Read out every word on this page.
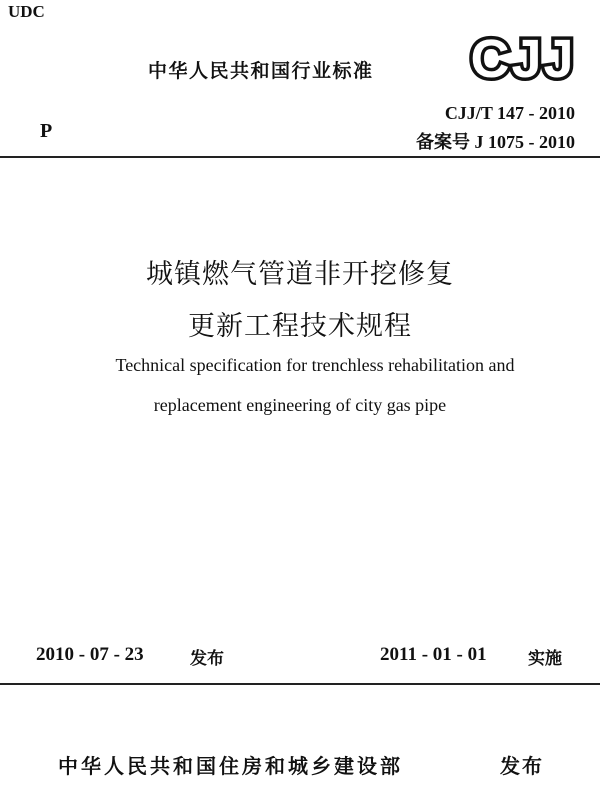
UDC
中华人民共和国行业标准 CJJ
P
CJJ/T 147 - 2010
备案号 J 1075 - 2010
城镇燃气管道非开挖修复
更新工程技术规程
Technical specification for trenchless rehabilitation and
replacement engineering of city gas pipe
2010 - 07 - 23	发布	2011 - 01 - 01 实施
中华人民共和国住房和城乡建设部	发布
